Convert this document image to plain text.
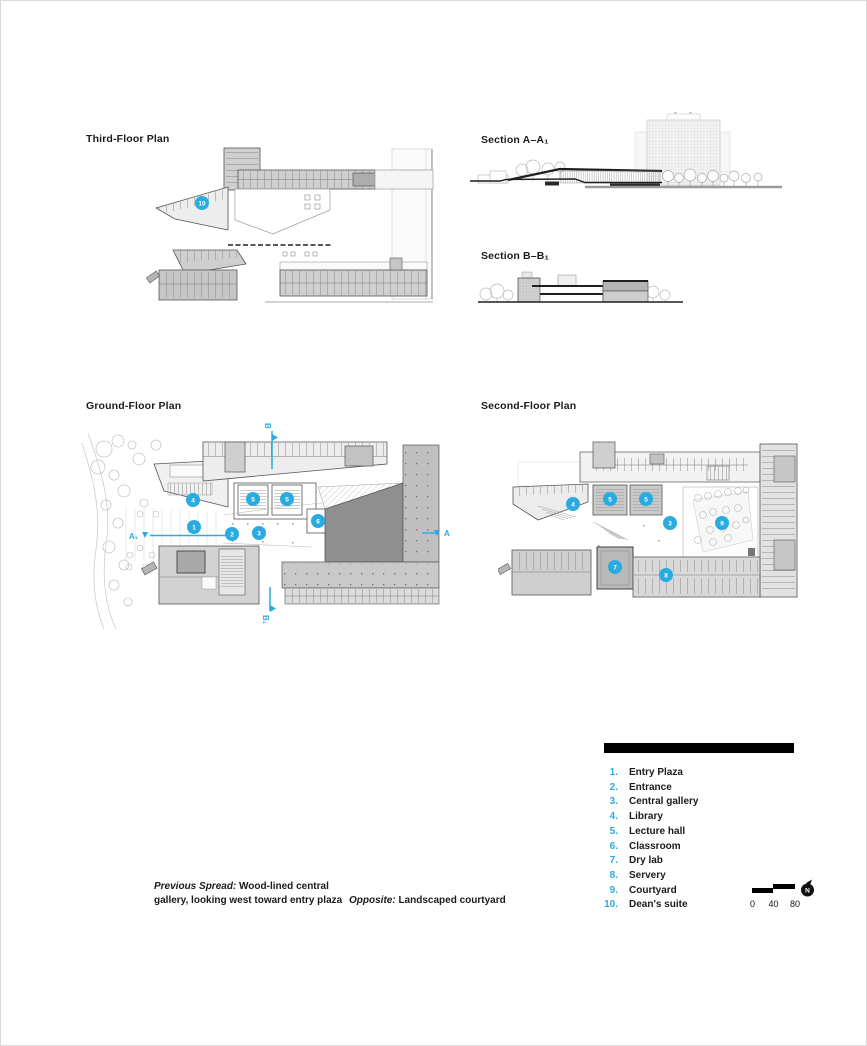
Third-Floor Plan
10
Section A–A₁
Section B–B₁
Ground-Floor Plan
B
B₁
A₁	A
4	5	5
1
2	3
6
Second-Floor Plan
4
5	5
3	9
7
8
1. Entry Plaza
2. Entrance
3. Central gallery
4. Library
5. Lecture hall
6. Classroom
7. Dry lab
8. Servery
9. Courtyard
10. Dean's suite
Previous Spread: Wood-lined central
gallery, looking west toward entry plaza Opposite: Landscaped courtyard	0 40 80
N
